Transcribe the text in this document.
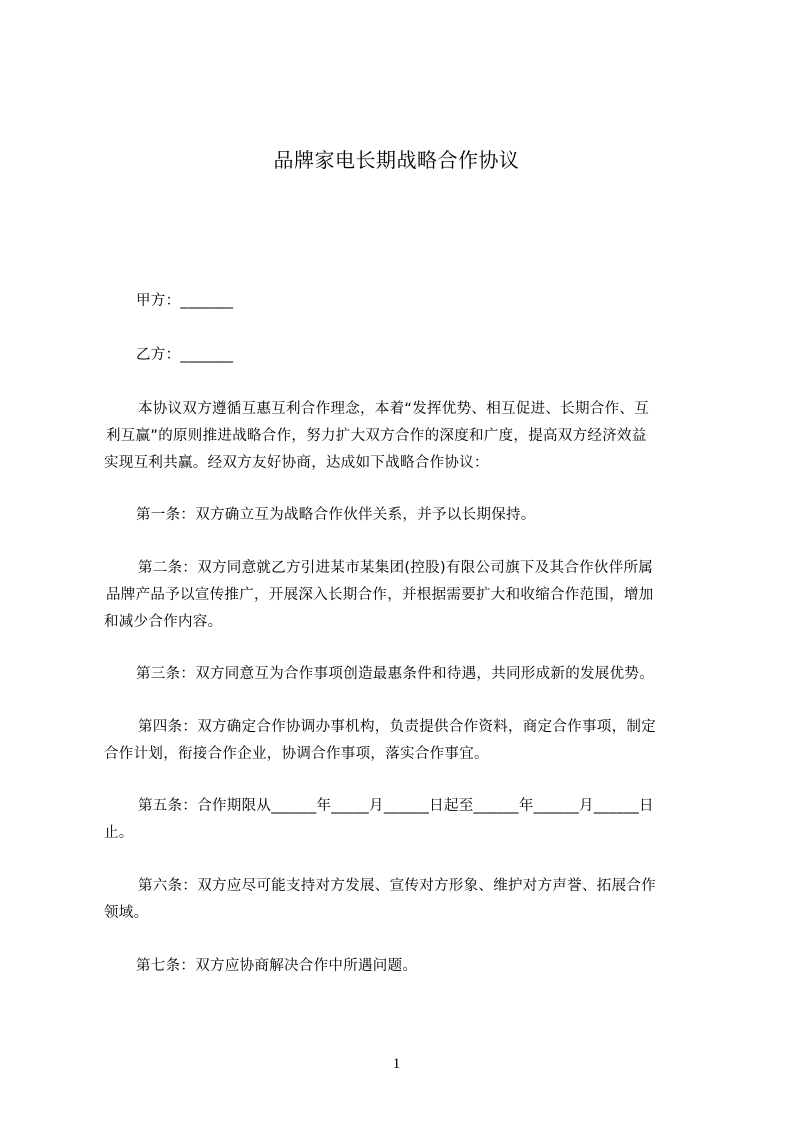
品牌家电长期战略合作协议
甲方：_______
乙方：_______
本协议双方遵循互惠互利合作理念，本着“发挥优势、相互促进、长期合作、互
利互赢”的原则推进战略合作，努力扩大双方合作的深度和广度，提高双方经济效益
实现互利共赢。经双方友好协商，达成如下战略合作协议：
第一条：双方确立互为战略合作伙伴关系，并予以长期保持。
第二条：双方同意就乙方引进某市某集团(控股)有限公司旗下及其合作伙伴所属
品牌产品予以宣传推广，开展深入长期合作，并根据需要扩大和收缩合作范围，增加
和减少合作内容。
第三条：双方同意互为合作事项创造最惠条件和待遇，共同形成新的发展优势。
第四条：双方确定合作协调办事机构，负责提供合作资料，商定合作事项，制定
合作计划，衔接合作企业，协调合作事项，落实合作事宜。
第五条：合作期限从______年_____月______日起至______年______月______日
止。
第六条：双方应尽可能支持对方发展、宣传对方形象、维护对方声誉、拓展合作
领域。
第七条：双方应协商解决合作中所遇问题。
1
